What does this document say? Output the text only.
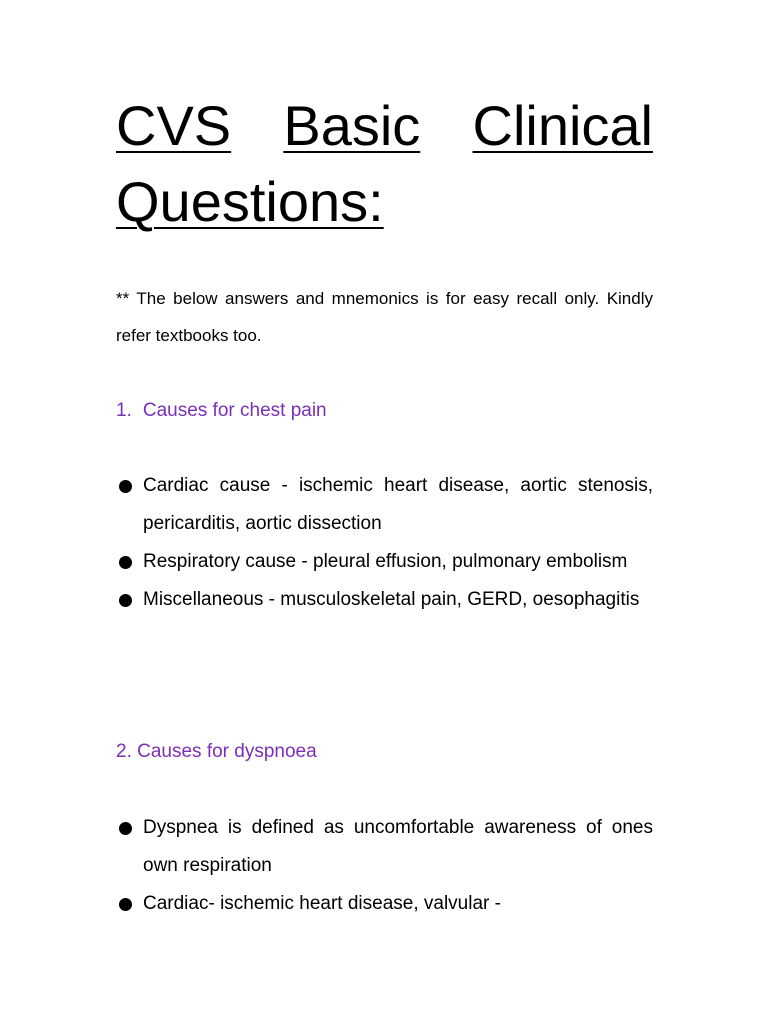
CVS Basic Clinical
Questions:

** The below answers and mnemonics is for easy recall only. Kindly refer textbooks too.

1. Causes for chest pain
Cardiac cause - ischemic heart disease, aortic stenosis, pericarditis, aortic dissection
Respiratory cause - pleural effusion, pulmonary embolism
Miscellaneous - musculoskeletal pain, GERD, oesophagitis
2. Causes for dyspnoea
Dyspnea is defined as uncomfortable awareness of ones own respiration
Cardiac- ischemic heart disease, valvular -
